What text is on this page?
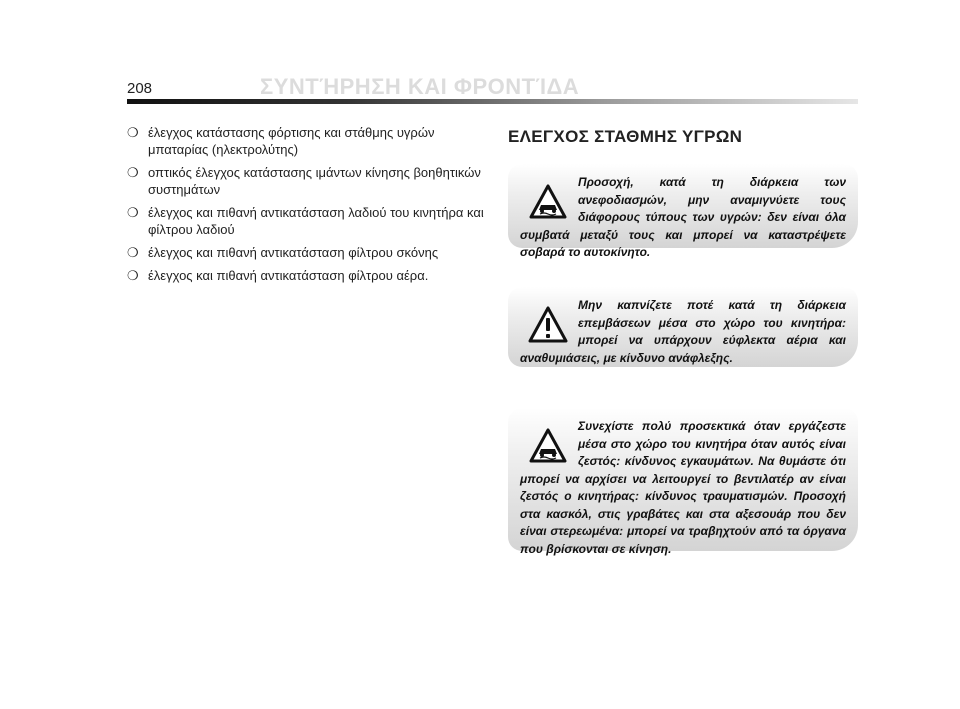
208	ΣΥΝΤΉΡΗΣΗ ΚΑΙ ΦΡΟΝΤΊΔΑ
❍ έλεγχος κατάστασης φόρτισης και στάθμης υγρών μπαταρίας (ηλεκτρολύτης)
❍ οπτικός έλεγχος κατάστασης ιμάντων κίνησης βοηθητικών συστημάτων
❍ έλεγχος και πιθανή αντικατάσταση λαδιού του κινητήρα και φίλτρου λαδιού
❍ έλεγχος και πιθανή αντικατάσταση φίλτρου σκόνης
❍ έλεγχος και πιθανή αντικατάσταση φίλτρου αέρα.
ΕΛΕΓΧΟΣ ΣΤΑΘΜΗΣ ΥΓΡΩΝ

Προσοχή, κατά τη διάρκεια των ανεφοδιασμών, μην αναμιγνύετε τους διάφορους τύπους των υγρών: δεν είναι όλα συμβατά μεταξύ τους και μπορεί να καταστρέψετε σοβαρά το αυτοκίνητο.

Μην καπνίζετε ποτέ κατά τη διάρκεια επεμβάσεων μέσα στο χώρο του κινητήρα: μπορεί να υπάρχουν εύφλεκτα αέρια και αναθυμιάσεις, με κίνδυνο ανάφλεξης.

Συνεχίστε πολύ προσεκτικά όταν εργάζεστε μέσα στο χώρο του κινητήρα όταν αυτός είναι ζεστός: κίνδυνος εγκαυμάτων. Να θυμάστε ότι μπορεί να αρχίσει να λειτουργεί το βεντιλατέρ αν είναι ζεστός ο κινητήρας: κίνδυνος τραυματισμών. Προσοχή στα κασκόλ, στις γραβάτες και στα αξεσουάρ που δεν είναι στερεωμένα: μπορεί να τραβηχτούν από τα όργανα που βρίσκονται σε κίνηση.
